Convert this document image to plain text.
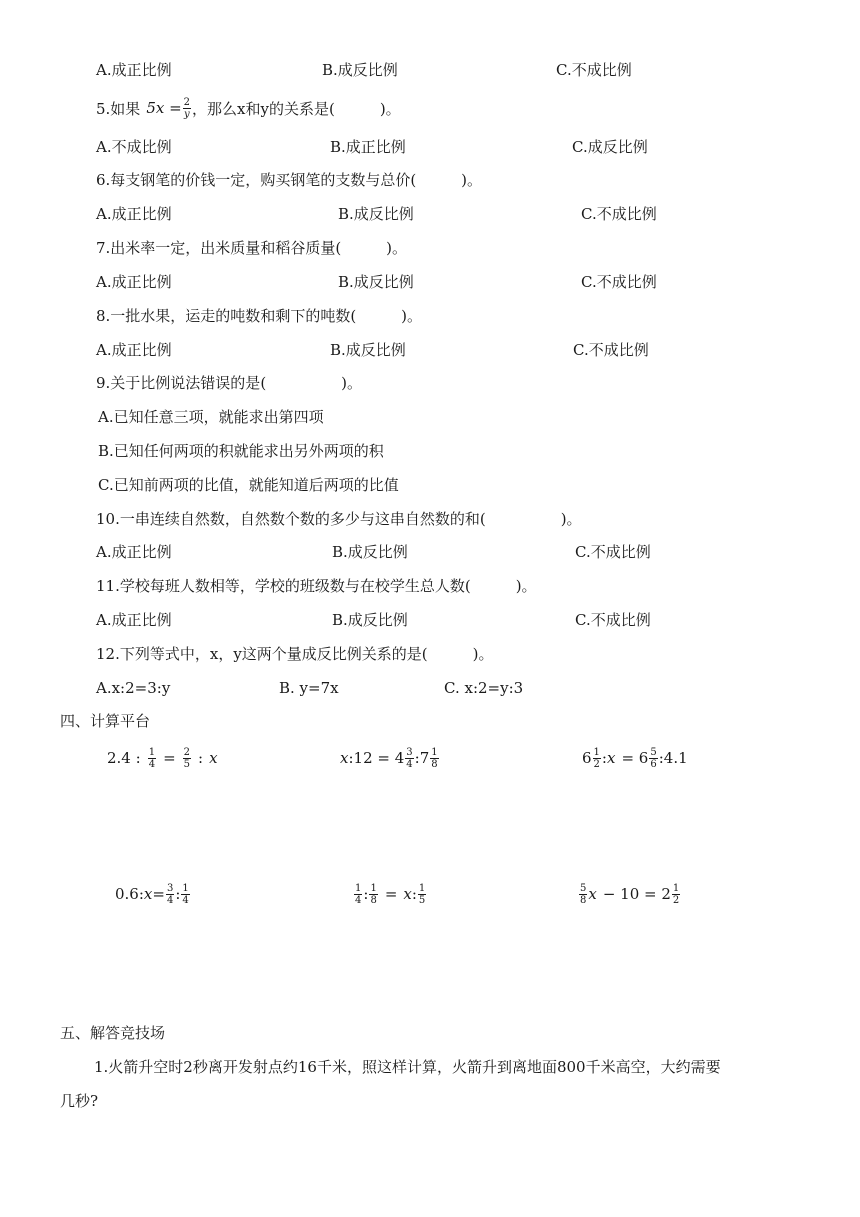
A.成正比例	B.成反比例	C.不成比例
5.如果 $5x = \frac{2}{y}$ ，那么x和y的关系是(　　　)。
A.不成比例	B.成正比例	C.成反比例
6.每支钢笔的价钱一定，购买钢笔的支数与总价(　　　)。
A.成正比例	B.成反比例	C.不成比例
7.出米率一定，出米质量和稻谷质量(　　　)。
A.成正比例	B.成反比例	C.不成比例
8.一批水果，运走的吨数和剩下的吨数(　　　)。
A.成正比例	B.成反比例	C.不成比例
9.关于比例说法错误的是(　　　　　)。
A.已知任意三项，就能求出第四项
B.已知任何两项的积就能求出另外两项的积
C.已知前两项的比值，就能知道后两项的比值
10.一串连续自然数，自然数个数的多少与这串自然数的和(　　　　　)。
A.成正比例	B.成反比例	C.不成比例
11.学校每班人数相等，学校的班级数与在校学生总人数(　　　)。
A.成正比例	B.成反比例	C.不成比例
12.下列等式中，x，y这两个量成反比例关系的是(　　　)。
A.x:2=3:y	B. y=7x	C. x:2=y:3
四、计算平台
2.4 : $\frac{1}{4} = \frac{2}{5}$ : x	x :12 = $4 \frac{3}{4}$ :7 $\frac{1}{8}$	$6 \frac{1}{2}$ : $x = 6 \frac{5}{6}$ :4.1
0.6: $x = \frac{3}{4}$ : $\frac{1}{4}$	$\frac{1}{4}$ : $\frac{1}{8} = x$ : $\frac{1}{5}$	$\frac{5}{8}$ $x - 10 = 2 \frac{1}{2}$
五、解答竞技场
1.火箭升空时2秒离开发射点约16千米，照这样计算，火箭升到离地面800千米高空，大约需要
几秒?
